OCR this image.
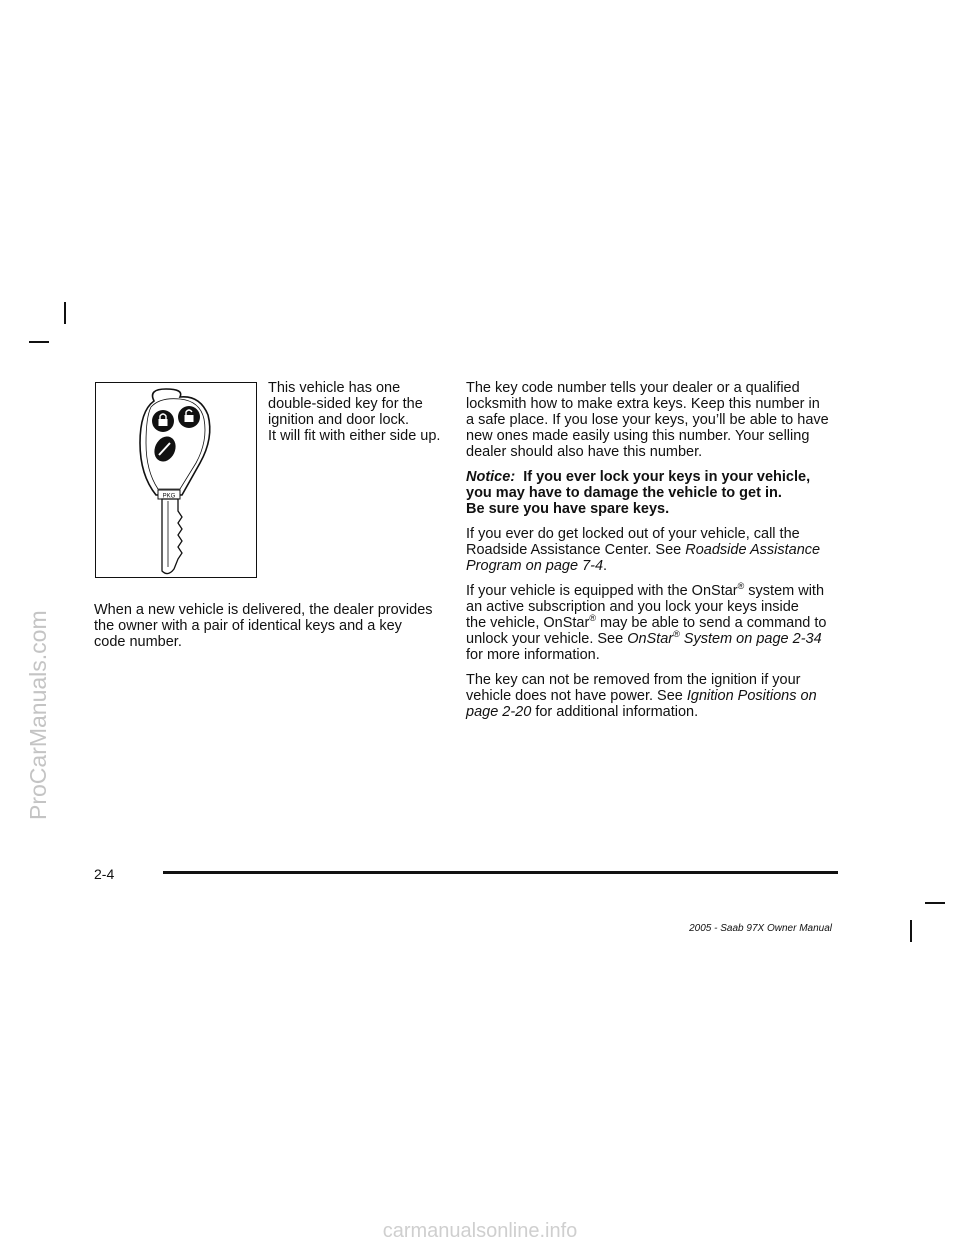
PKG

This vehicle has one

double-sided key for the

ignition and door lock.

It will fit with either side up.

When a new vehicle is delivered, the dealer provides

the owner with a pair of identical keys and a key

code number.

The key code number tells your dealer or a qualified
locksmith how to make extra keys. Keep this number in
a safe place. If you lose your keys, you’ll be able to have
new ones made easily using this number. Your selling
dealer should also have this number.
Notice: If you ever lock your keys in your vehicle,
you may have to damage the vehicle to get in.
Be sure you have spare keys.
If you ever do get locked out of your vehicle, call the
Roadside Assistance Center. See Roadside Assistance
Program on page 7-4.
If your vehicle is equipped with the OnStar® system with
an active subscription and you lock your keys inside
the vehicle, OnStar® may be able to send a command to
unlock your vehicle. See OnStar® System on page 2-34
for more information.
The key can not be removed from the ignition if your
vehicle does not have power. See Ignition Positions on
page 2-20 for additional information.
2-4
2005 - Saab 97X Owner Manual
ProCarManuals.com
carmanualsonline.info
